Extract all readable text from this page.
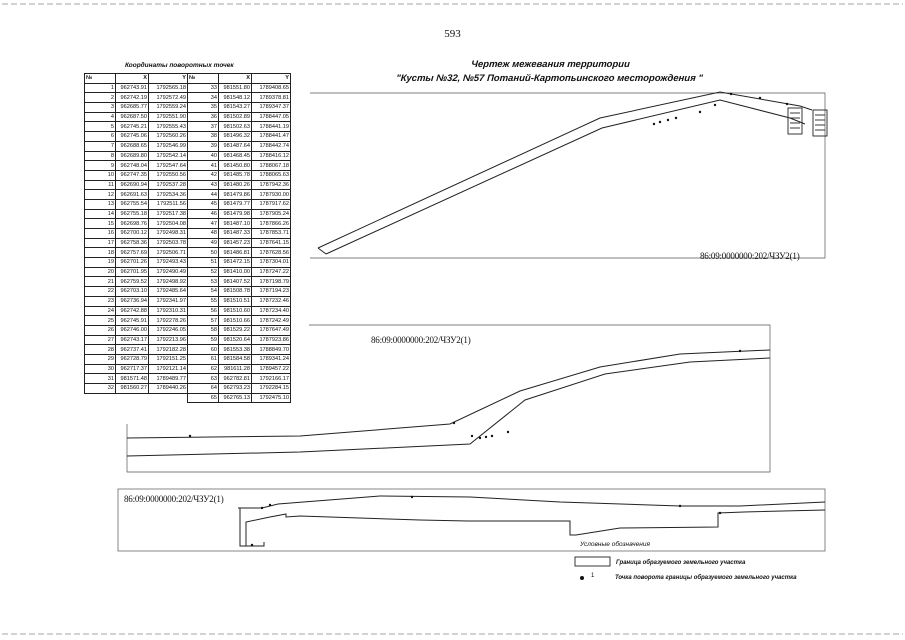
593
Чертеж межевания территории
"Кусты №32, №57 Потаний-Картопьинского месторождения "
Координаты поворотных точек
№	X	Y	№	X	Y
1	962743.91	1792565.18	33	981551.80	1789408.65
2	962742.19	1792572.49	34	981548.12	1789378.81
3	962685.77	1792559.24	35	981543.27	1789347.37
4	962687.50	1792551.90	36	981502.89	1788447.05
5	962745.21	1792555.43	37	981502.63	1788441.19
6	962745.06	1792560.26	38	981496.32	1788441.47
7	962688.65	1792546.99	39	981487.64	1788442.74
8	962689.80	1792542.14	40	981468.45	1788416.12
9	962748.04	1792547.64	41	981450.80	1788067.18
10	962747.35	1792550.56	42	981485.78	1788065.63
11	962690.94	1792537.28	43	981480.26	1787942.36
12	962691.63	1792534.36	44	981479.86	1787930.00
13	962755.54	1792511.56	45	981479.77	1787917.62
14	962755.18	1792517.38	46	981479.98	1787905.24
15	962698.76	1792504.08	47	981487.10	1787866.26
16	962700.12	1792498.31	48	981487.33	1787853.71
17	962758.36	1792503.78	49	981457.23	1787641.15
18	962757.69	1792506.71	50	981486.81	1787628.56
19	962701.26	1792493.43	51	981472.15	1787304.01
20	962701.95	1792490.49	52	981410.00	1787247.22
21	962759.52	1792498.92	53	981407.52	1787198.79
22	962703.10	1792485.64	54	981508.78	1787194.23
23	962736.94	1792341.97	55	981510.51	1787232.46
24	962742.88	1792310.31	56	981510.60	1787234.40
25	962745.91	1792278.26	57	981510.66	1787242.49
26	962746.00	1792246.05	58	981529.22	1787647.49
27	962743.17	1792213.96	59	981520.64	1787923.86
28	962737.41	1792182.28	60	981553.38	1788849.70
29	962728.79	1792151.25	61	981584.58	1789341.24
30	962717.37	1792121.14	62	981611.28	1789457.22
31	981571.48	1789489.77	63	962782.81	1792166.17
32	981560.27	1789440.26	64	962793.23	1792284.15
			65	962765.13	1792475.10
86:09:0000000:202/ЧЗУ2(1)
86:09:0000000:202/ЧЗУ2(1)
86:09:0000000:202/ЧЗУ2(1)
Условные обозначения
Граница образуемого земельного участка
1	Точка поворота границы образуемого земельного участка
